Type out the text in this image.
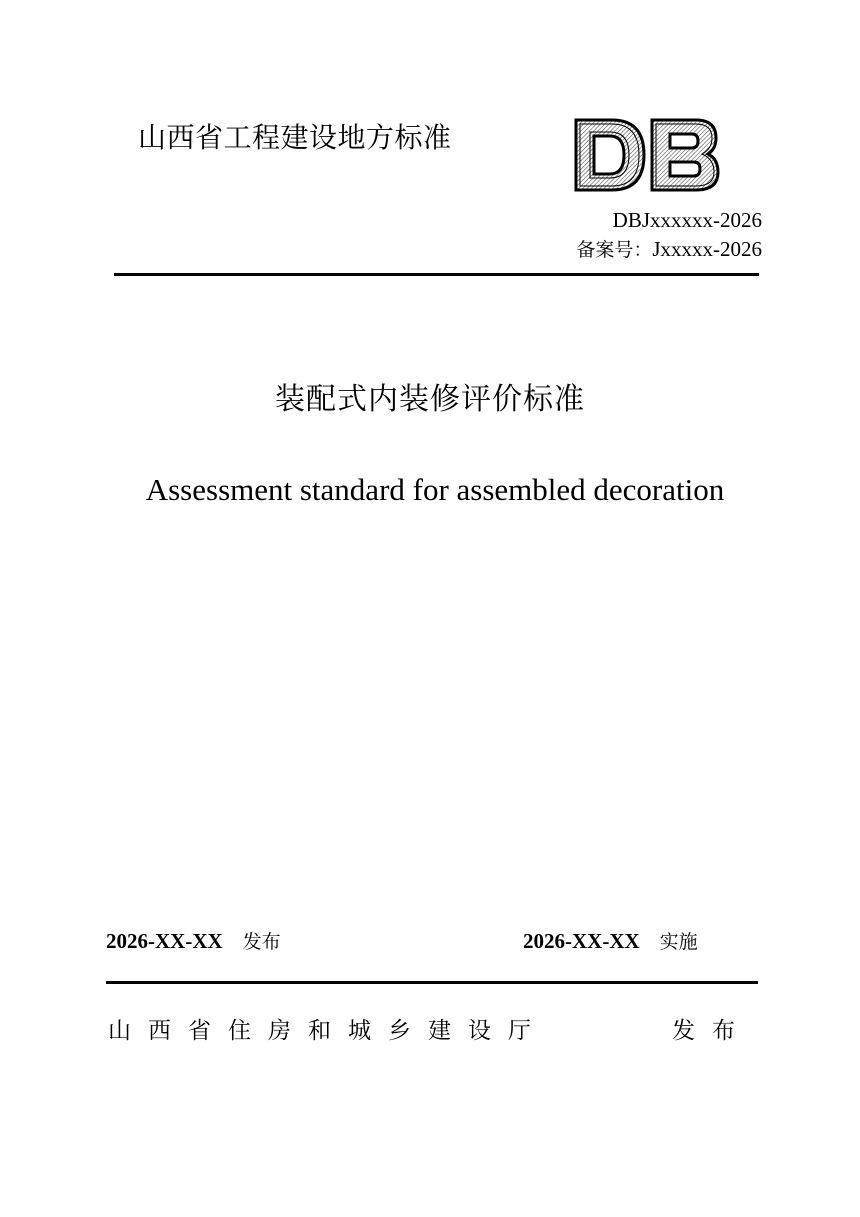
山西省工程建设地方标准
DBJxxxxxx-2026
备案号：Jxxxxx-2026
装配式内装修评价标准
Assessment standard for assembled decoration
2026-XX-XX 发布	2026-XX-XX 实施
山西省住房和城乡建设厅	发布
